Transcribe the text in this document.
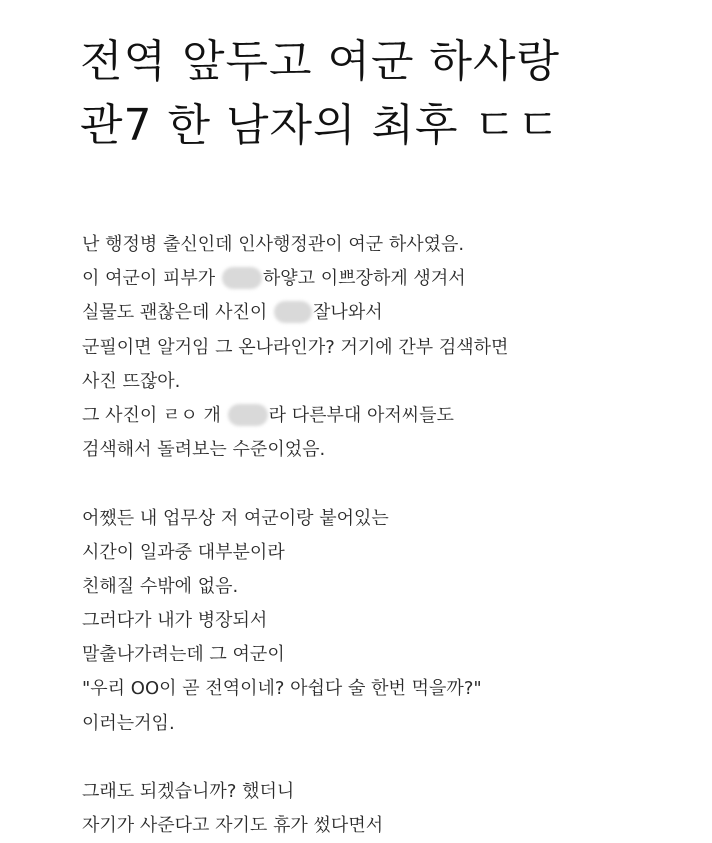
전역 앞두고 여군 하사랑
관7 한 남자의 최후 ㄷㄷ
난 행정병 출신인데 인사행정관이 여군 하사였음.
이 여군이 피부가 하얗고 이쁘장하게 생겨서
실물도 괜찮은데 사진이 잘나와서
군필이면 알거임 그 온나라인가? 거기에 간부 검색하면
사진 뜨잖아.
그 사진이 ㄹㅇ 개 라 다른부대 아저씨들도
검색해서 돌려보는 수준이었음.
어쨌든 내 업무상 저 여군이랑 붙어있는
시간이 일과중 대부분이라
친해질 수밖에 없음.
그러다가 내가 병장되서
말출나가려는데 그 여군이
"우리 OO이 곧 전역이네? 아쉽다 술 한번 먹을까?"
이러는거임.
그래도 되겠습니까? 했더니
자기가 사준다고 자기도 휴가 썼다면서
